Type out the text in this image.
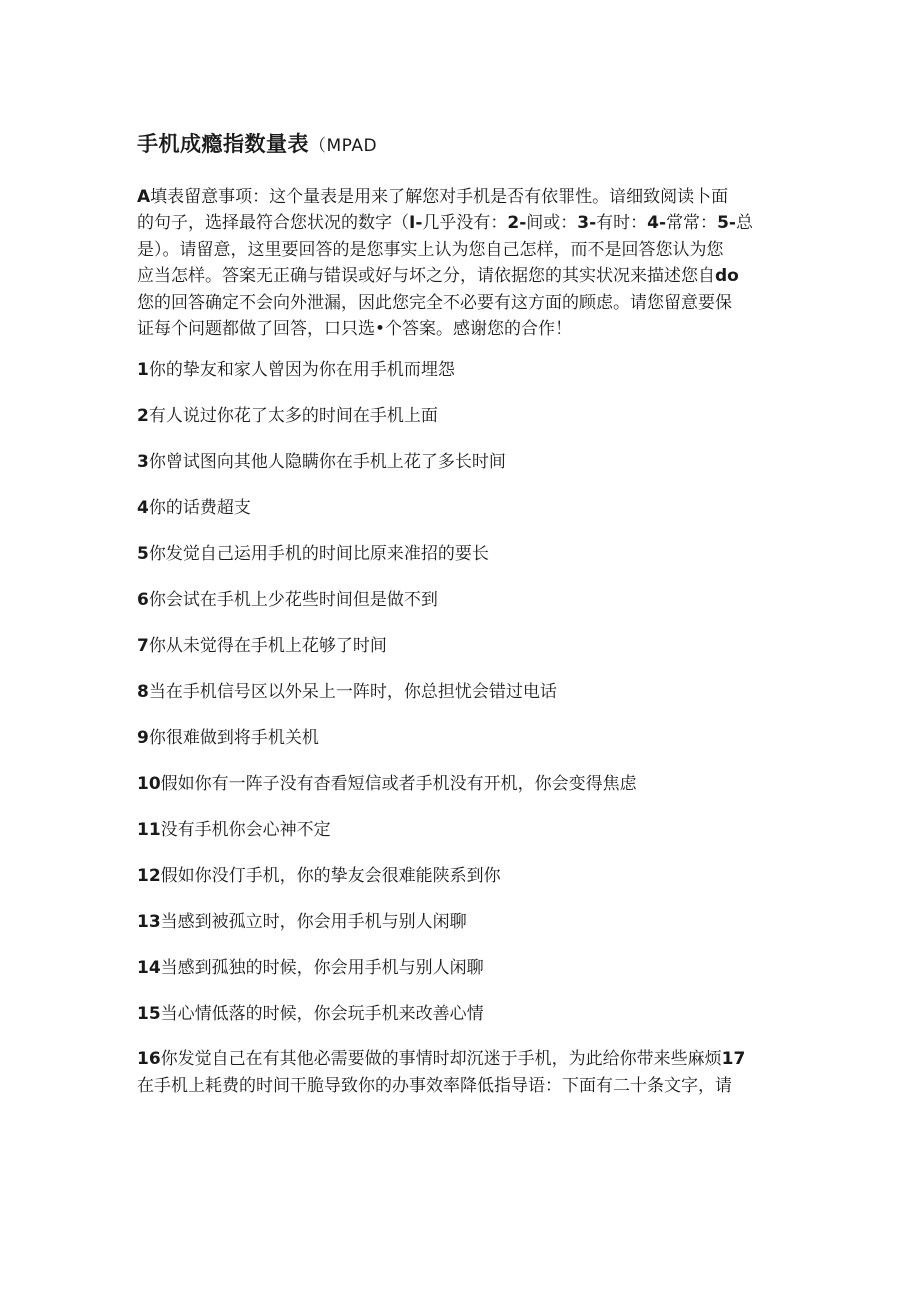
手机成瘾指数量表（MPAD
A填表留意事项：这个量表是用来了解您对手机是否有依罪性。谙细致阅读卜面
的句子，选择最符合您状况的数字（I-几乎没有：2-间或：3-有时：4-常常：5-总
是）。请留意，这里要回答的是您事实上认为您自己怎样，而不是回答您认为您
应当怎样。答案无正确与错误或好与坏之分，请依据您的其实状况来描述您自do
您的回答确定不会向外泄漏，因此您完全不必要有这方面的顾虑。请您留意要保
证每个问题都做了回答，口只选•个答案。感谢您的合作！
1你的挚友和家人曾因为你在用手机而埋怨
2有人说过你花了太多的时间在手机上面
3你曾试图向其他人隐瞒你在手机上花了多长时间
4你的话费超支
5你发觉自己运用手机的时间比原来准招的要长
6你会试在手机上少花些时间但是做不到
7你从未觉得在手机上花够了时间
8当在手机信号区以外呆上一阵时，你总担忧会错过电话
9你很难做到将手机关机
10假如你有一阵子没有杳看短信或者手机没有开机，你会变得焦虑
11没有手机你会心神不定
12假如你没仃手机，你的挚友会很难能陕系到你
13当感到被孤立时，你会用手机与别人闲聊
14当感到孤独的时候，你会用手机与别人闲聊
15当心情低落的时候，你会玩手机来改善心情
16你发觉自己在有其他必需要做的事情时却沉迷于手机，为此给你带来些麻烦17
在手机上耗费的时间干脆导致你的办事效率降低指导语：下面有二十条文字，请
